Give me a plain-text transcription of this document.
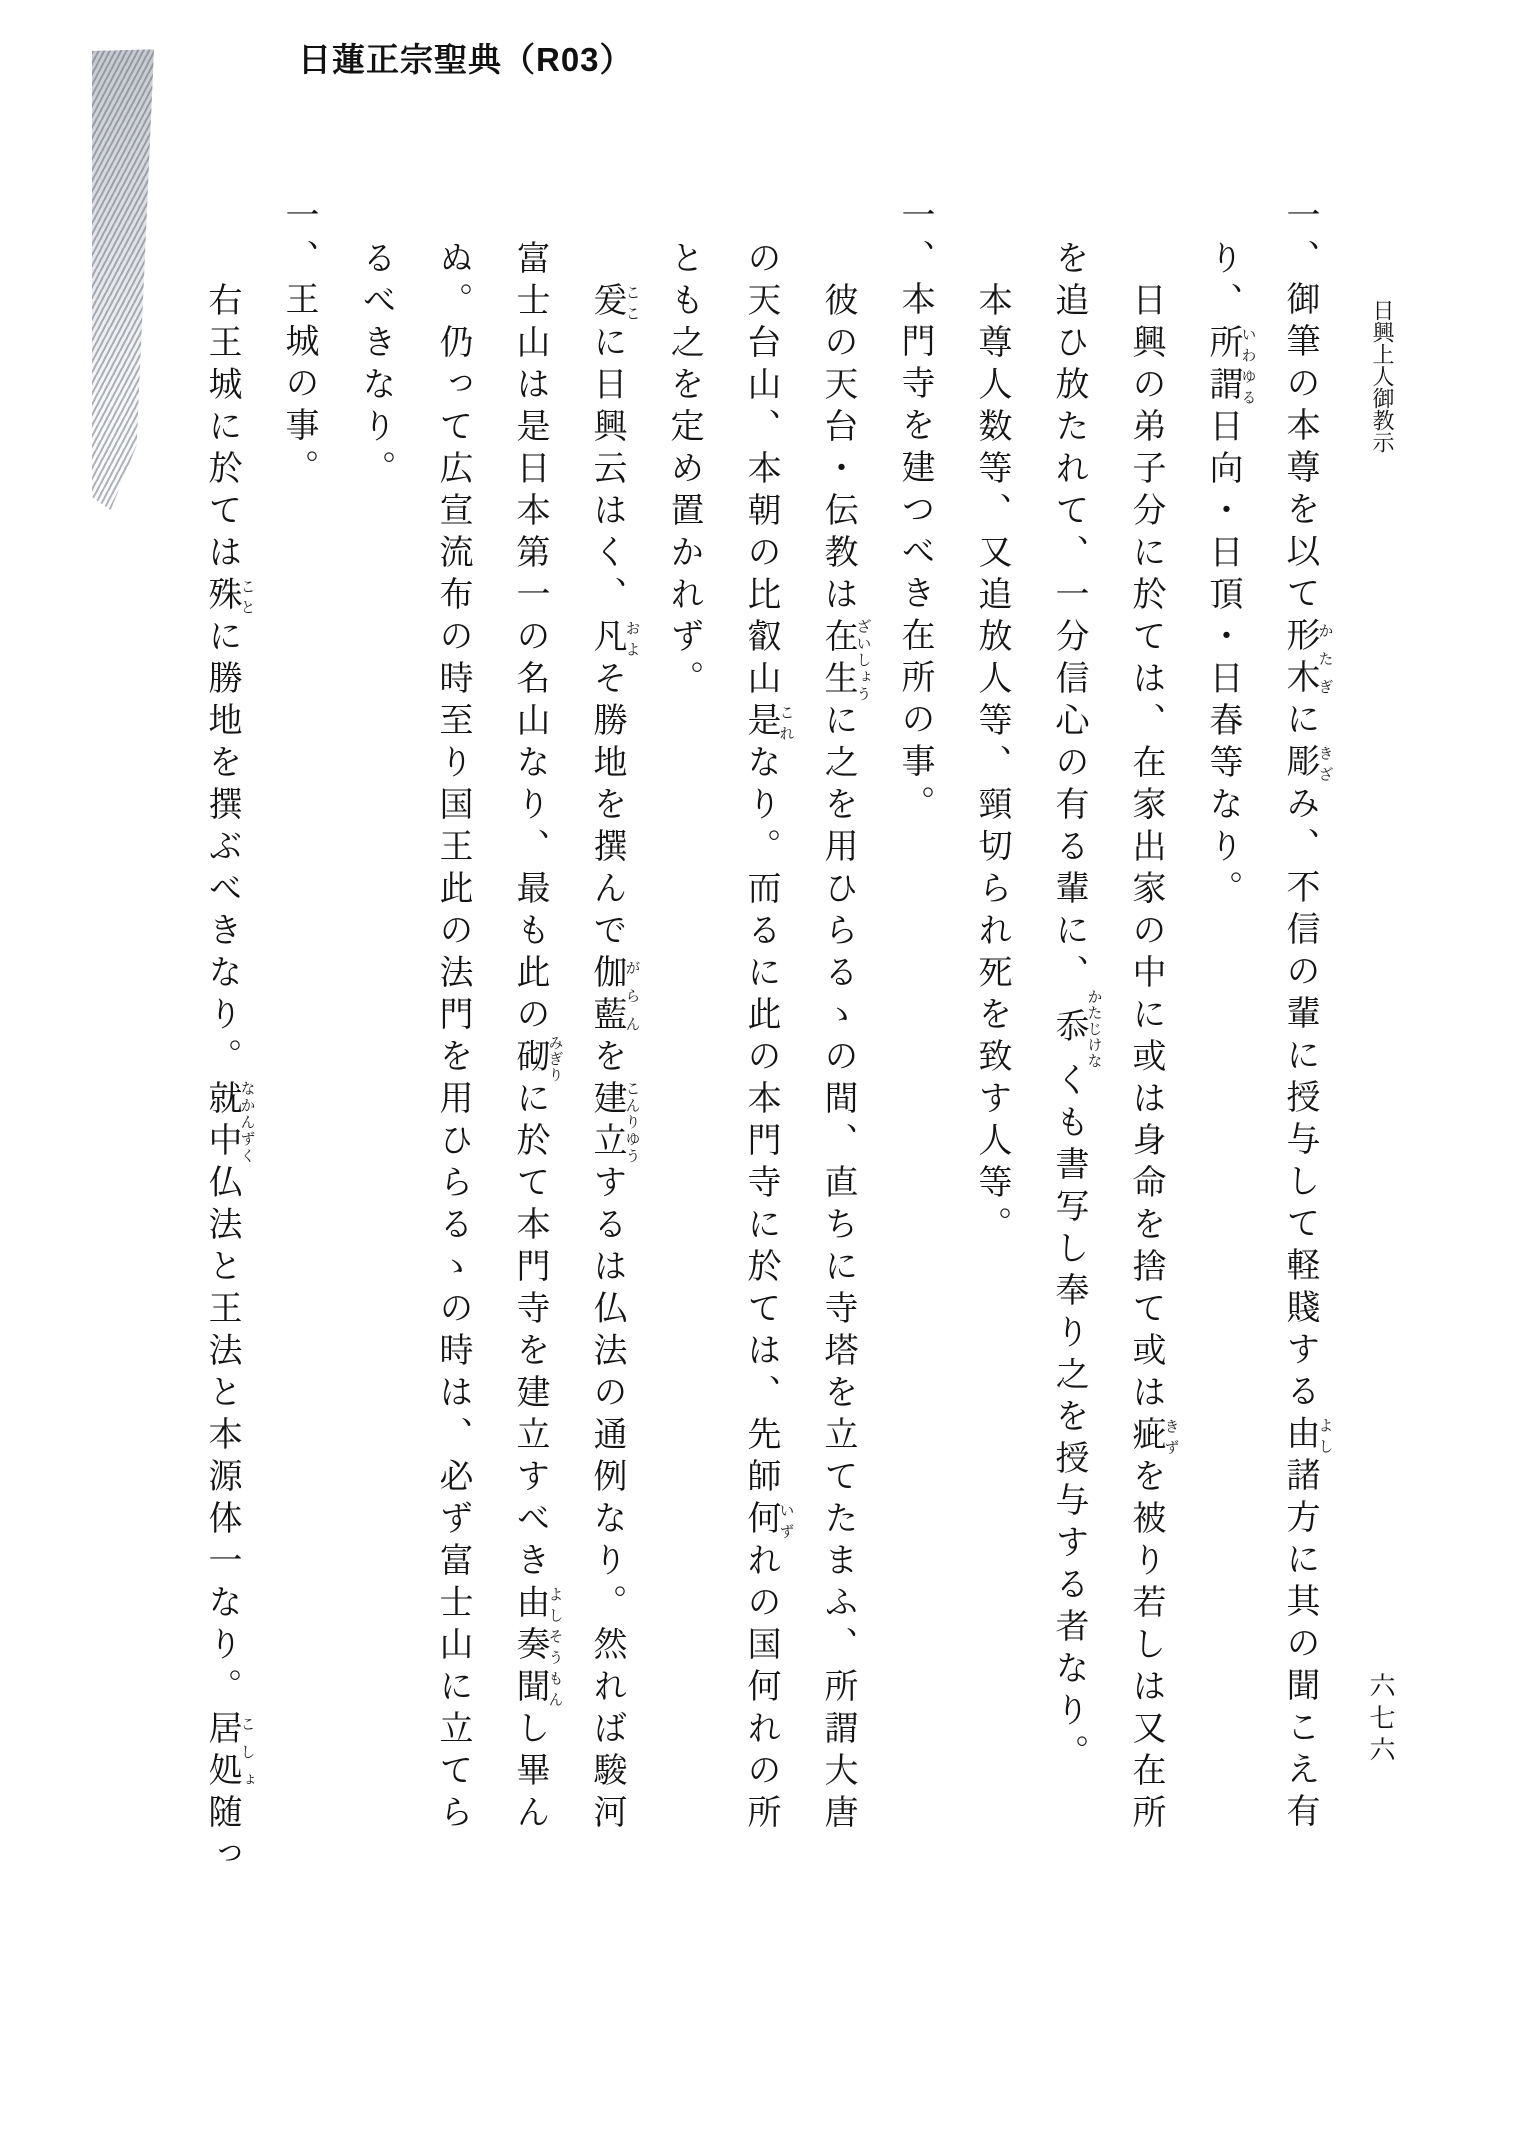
日蓮正宗聖典（R03）
日興上人御教示

一、御筆の本尊を以て形木かたぎに彫きざみ、不信の輩に授与して軽賤する由よし諸方に其の聞こえ有

り、所謂いわゆる日向・日頂・日春等なり。

日興の弟子分に於ては、在家出家の中に或は身命を捨て或は疵きずを被り若しは又在所

を追ひ放たれて、一分信心の有る輩に、忝かたじけなくも書写し奉り之を授与する者なり。

本尊人数等、又追放人等、頸切られ死を致す人等。

一、本門寺を建つべき在所の事。

彼の天台・伝教は在生ざいしょうに之を用ひらるゝの間、直ちに寺塔を立てたまふ、所謂大唐

の天台山、本朝の比叡山是これなり。而るに此の本門寺に於ては、先師何いずれの国何れの所

とも之を定め置かれず。

爰ここに日興云はく、凡およそ勝地を撰んで伽藍がらんを建立こんりゆうするは仏法の通例なり。然れば駿河

富士山は是日本第一の名山なり、最も此の砌みぎりに於て本門寺を建立すべき由奏聞よしそうもんし畢ん

ぬ。仍って広宣流布の時至り国王此の法門を用ひらるゝの時は、必ず富士山に立てら

るべきなり。

一、王城の事。

右王城に於ては殊ことに勝地を撰ぶべきなり。就中なかんずく仏法と王法と本源体一なり。居処こしょ随っ

六七六
